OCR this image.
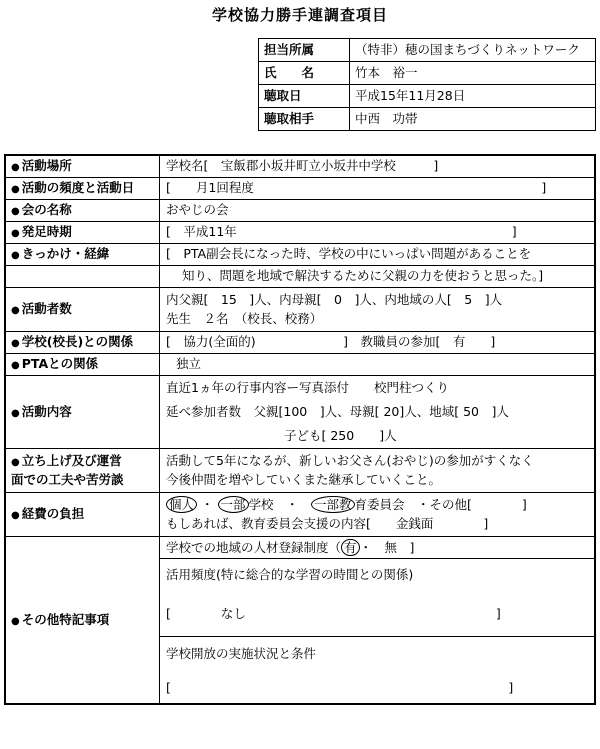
学校協力勝手連調査項目
担当所属	（特非）穂の国まちづくりネットワーク
氏　　名	竹本　裕一
聴取日	平成15年11月28日
聴取相手	中西　功帯
● 活動場所	学校名[　宝飯郡小坂井町立小坂井中学校　　　]
● 活動の頻度と活動日	[　　月1回程度　　　　　　　　　　　　　　　　　　　　　　　]
● 会の名称	おやじの会
● 発足時期	[　平成11年　　　　　　　　　　　　　　　　　　　　　　]
● きっかけ・経緯	[　PTA副会長になった時、学校の中にいっぱい問題があることを
	知り、問題を地域で解決するために父親の力を使おうと思った。]
● 活動者数	内父親[　15　]人、内母親[　0　]人、内地域の人[　5　]人
先生　２名　（校長、校務）

● 学校(校長)との関係	[　協力(全面的)　　　　　　　]　教職員の参加[　有　　]
● PTAとの関係	独立
● 活動内容	直近1ヵ年の行事内容ー写真添付　　校門柱つくり
延べ参加者数　父親[100　]人、母親[ 20]人、地域[ 50　]人
子ども[ 250　　]人

● 立ち上げ及び運営
面での工夫や苦労談	活動して5年になるが、新しいお父さん(おやじ)の参加がすくなく
今後仲間を増やしていくまた継承していくこと。

● 経費の負担	個人 ・ 一部 学校　・　一部教 育委員会　・その他[　　　　]
もしあれば、教育委員会支援の内容[　　金銭面　　　　]

● その他特記事項	学校での地域の人材登録制度（ 有 ・　無　]
	活用頻度(特に総合的な学習の時間との関係)
	[　　　　なし　　　　　　　　　　　　　　　　　　　　]
	学校開放の実施状況と条件
	[　　　　　　　　　　　　　　　　　　　　　　　　　　　]
